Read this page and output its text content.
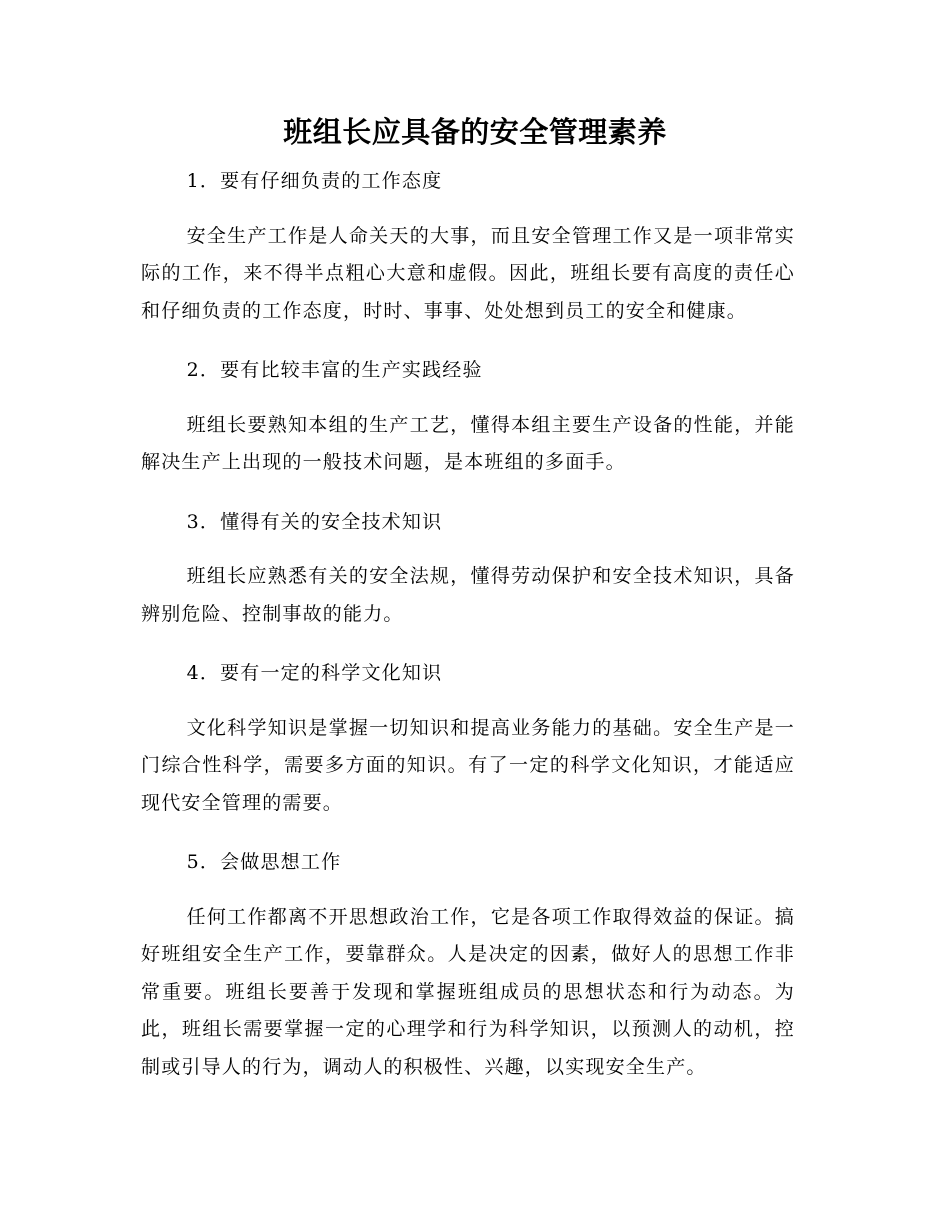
班组长应具备的安全管理素养

1．要有仔细负责的工作态度

安全生产工作是人命关天的大事，而且安全管理工作又是一项非常实际的工作，来不得半点粗心大意和虚假。因此，班组长要有高度的责任心和仔细负责的工作态度，时时、事事、处处想到员工的安全和健康。

2．要有比较丰富的生产实践经验

班组长要熟知本组的生产工艺，懂得本组主要生产设备的性能，并能解决生产上出现的一般技术问题，是本班组的多面手。

3．懂得有关的安全技术知识

班组长应熟悉有关的安全法规，懂得劳动保护和安全技术知识，具备辨别危险、控制事故的能力。

4．要有一定的科学文化知识

文化科学知识是掌握一切知识和提高业务能力的基础。安全生产是一门综合性科学，需要多方面的知识。有了一定的科学文化知识，才能适应现代安全管理的需要。

5．会做思想工作

任何工作都离不开思想政治工作，它是各项工作取得效益的保证。搞好班组安全生产工作，要靠群众。人是决定的因素，做好人的思想工作非常重要。班组长要善于发现和掌握班组成员的思想状态和行为动态。为此，班组长需要掌握一定的心理学和行为科学知识，以预测人的动机，控制或引导人的行为，调动人的积极性、兴趣，以实现安全生产。
